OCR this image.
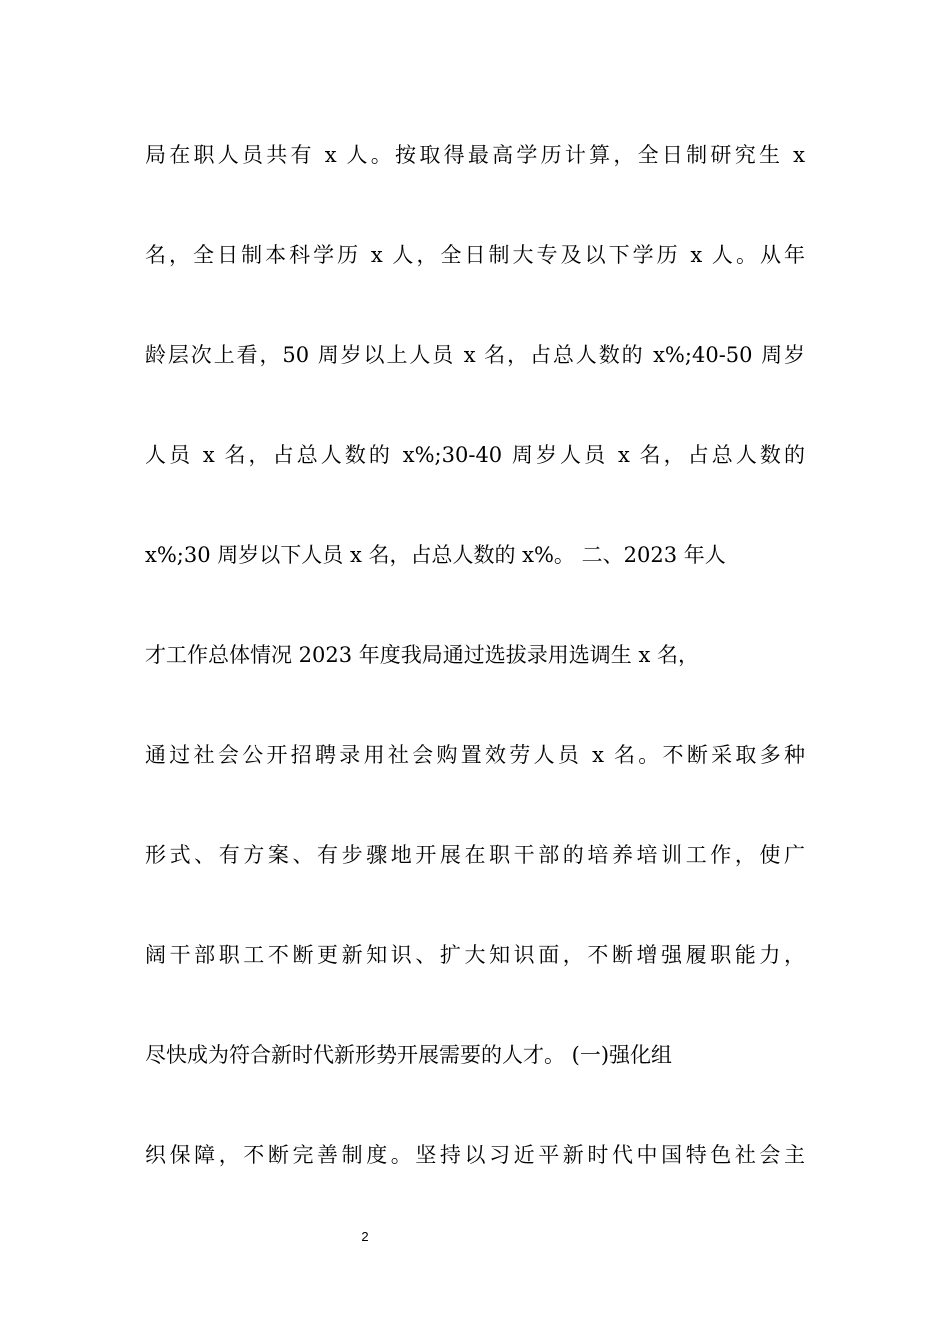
局在职人员共有 x 人。按取得最高学历计算，全日制研究生 x
名，全日制本科学历 x 人，全日制大专及以下学历 x 人。从年
龄层次上看，50 周岁以上人员 x 名，占总人数的 x%;40-50 周岁
人员 x 名，占总人数的 x%;30-40 周岁人员 x 名，占总人数的
x%;30 周岁以下人员 x 名，占总人数的 x%。 二、2023 年人
才工作总体情况 2023 年度我局通过选拔录用选调生 x 名，
通过社会公开招聘录用社会购置效劳人员 x 名。不断采取多种
形式、有方案、有步骤地开展在职干部的培养培训工作，使广
阔干部职工不断更新知识、扩大知识面，不断增强履职能力，
尽快成为符合新时代新形势开展需要的人才。 (一)强化组
织保障，不断完善制度。坚持以习近平新时代中国特色社会主
2
